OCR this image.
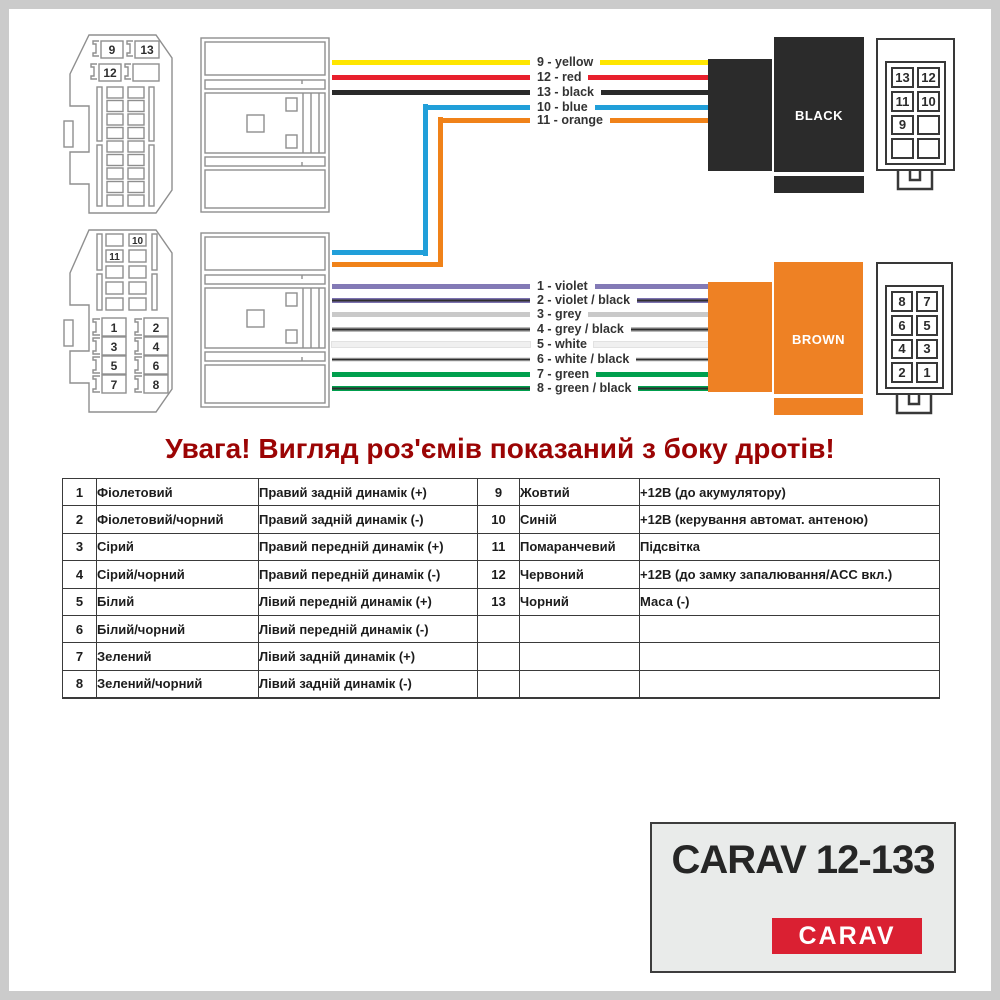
9 13
12
10
11
1	2
3	4
5	6
7	8
9 - yellow
12 - red
13 - black
10 - blue
11 - orange
1 - violet
2 - violet / black
3 - grey
4 - grey / black
5 - white
6 - white / black
7 - green
8 - green / black
BLACK
BROWN
13 12
11 10
9
8	7
6	5
4	3
2	1
Увага! Вигляд роз'ємів показаний з боку дротів!
1	Фіолетовий	Правий задній динамік (+)	9	Жовтий	+12В (до акумулятору)
2	Фіолетовий/чорний	Правий задній динамік (-)	10	Синій	+12В (керування автомат. антеною)
3	Сірий	Правий передній динамік (+)	11	Помаранчевий	Підсвітка
4	Сірий/чорний	Правий передній динамік (-)	12	Червоний	+12В (до замку запалювання/ACC вкл.)
5	Білий	Лівий передній динамік (+)	13	Чорний	Маса (-)
6	Білий/чорний	Лівий передній динамік (-)			
7	Зелений	Лівий задній динамік (+)			
8	Зелений/чорний	Лівий задній динамік (-)			
CARAV 12-133
CARAV
